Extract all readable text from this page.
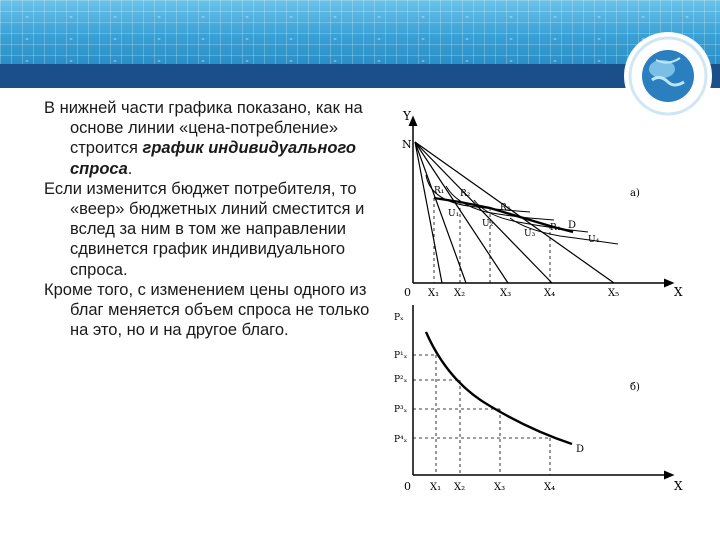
В нижней части графика показано, как на основе линии «цена-потребление» строится график индивидуального спроса.

Если изменится бюджет потребителя, то «веер» бюджетных линий сместится и вслед за ним в том же направлении сдвинется график индивидуального спроса.

Кроме того, с изменением цены одного из благ меняется объем спроса не только на это, но и на другое благо.

Y
X
0
N
а)
R₁ R₂
R₃
R₄
U₁
U₂
U₃
U₄
D
X₁ X₂	X₃	X₄	X₅
X
0
б)
Pₓ
P¹ₓ
P²ₓ
P³ₓ
P⁴ₓ
D
X₁ X₂	X₃	X₄
